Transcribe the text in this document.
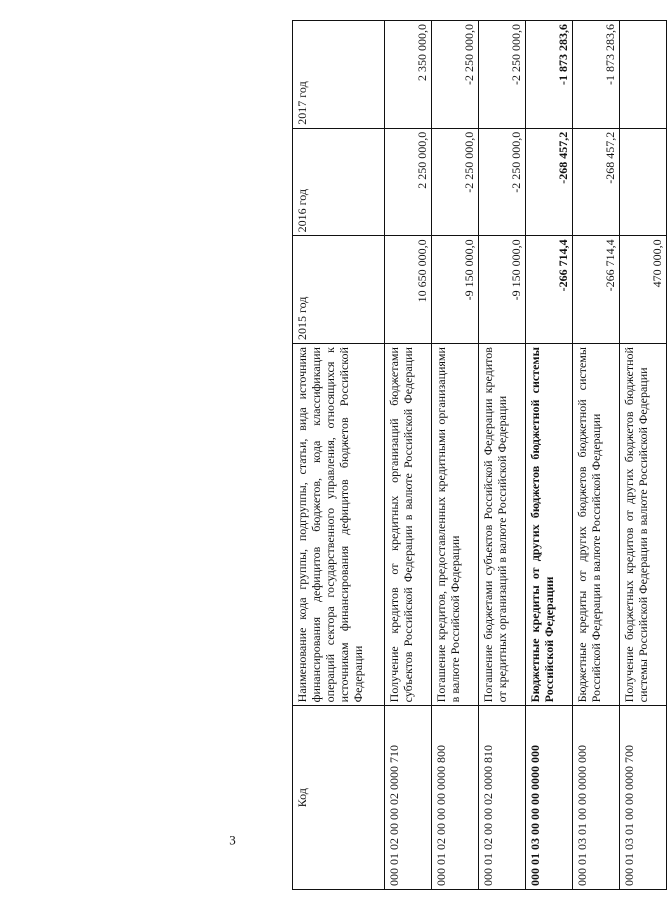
3
Код	Наименование кода группы, подгруппы, статьи, вида источника финансирования дефицитов бюджетов, кода классификации операций сектора государственного управления, относящихся к источникам финансирования дефицитов бюджетов Российской Федерации	2015 год	2016 год	2017 год
000 01 02 00 00 02 0000 710	Получение кредитов от кредитных организаций бюджетами субъектов Российской Федерации в валюте Российской Федерации	10 650 000,0	2 250 000,0	2 350 000,0

000 01 02 00 00 00 0000 800	Погашение кредитов, предоставленных кредитными организациями в валюте Российской Федерации	-9 150 000,0	-2 250 000,0	-2 250 000,0

000 01 02 00 00 02 0000 810	Погашение бюджетами субъектов Российской Федерации кредитов от кредитных организаций в валюте Российской Федерации	-9 150 000,0	-2 250 000,0	-2 250 000,0

000 01 03 00 00 00 0000 000	Бюджетные кредиты от других бюджетов бюджетной системы Российской Федерации	-266 714,4	-268 457,2	-1 873 283,6

000 01 03 01 00 00 0000 000	Бюджетные кредиты от других бюджетов бюджетной системы Российской Федерации в валюте Российской Федерации	-266 714,4	-268 457,2	-1 873 283,6

000 01 03 01 00 00 0000 700	Получение бюджетных кредитов от других бюджетов бюджетной системы Российской Федерации в валюте Российской Федерации	470 000,0		
